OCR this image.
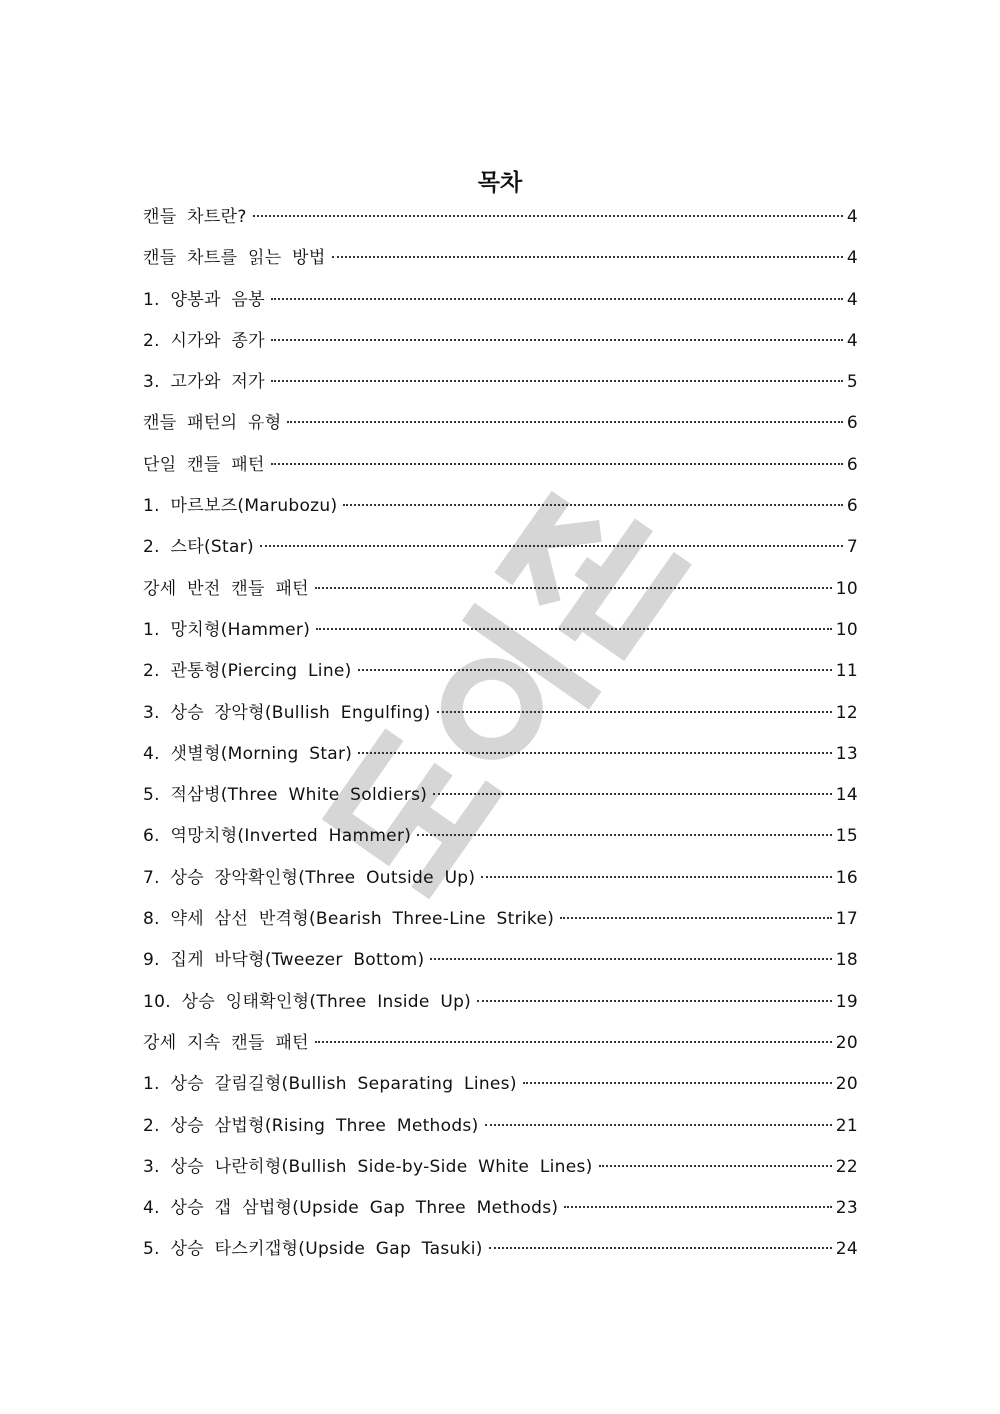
목차
캔들 차트란?	4
캔들 차트를 읽는 방법	4
1. 양봉과 음봉	4
2. 시가와 종가	4
3. 고가와 저가	5
캔들 패턴의 유형	6
단일 캔들 패턴	6
1. 마르보즈(Marubozu)	6
2. 스타(Star)	7
강세 반전 캔들 패턴	10
1. 망치형(Hammer)	10
2. 관통형(Piercing Line)	11
3. 상승 장악형(Bullish Engulfing)	12
4. 샛별형(Morning Star)	13
5. 적삼병(Three White Soldiers)	14
6. 역망치형(Inverted Hammer)	15
7. 상승 장악확인형(Three Outside Up)	16
8. 약세 삼선 반격형(Bearish Three-Line Strike)	17
9. 집게 바닥형(Tweezer Bottom)	18
10. 상승 잉태확인형(Three Inside Up)	19
강세 지속 캔들 패턴	20
1. 상승 갈림길형(Bullish Separating Lines)	20
2. 상승 삼법형(Rising Three Methods)	21
3. 상승 나란히형(Bullish Side-by-Side White Lines)	22
4. 상승 갭 삼법형(Upside Gap Three Methods)	23
5. 상승 타스키갭형(Upside Gap Tasuki)	24
